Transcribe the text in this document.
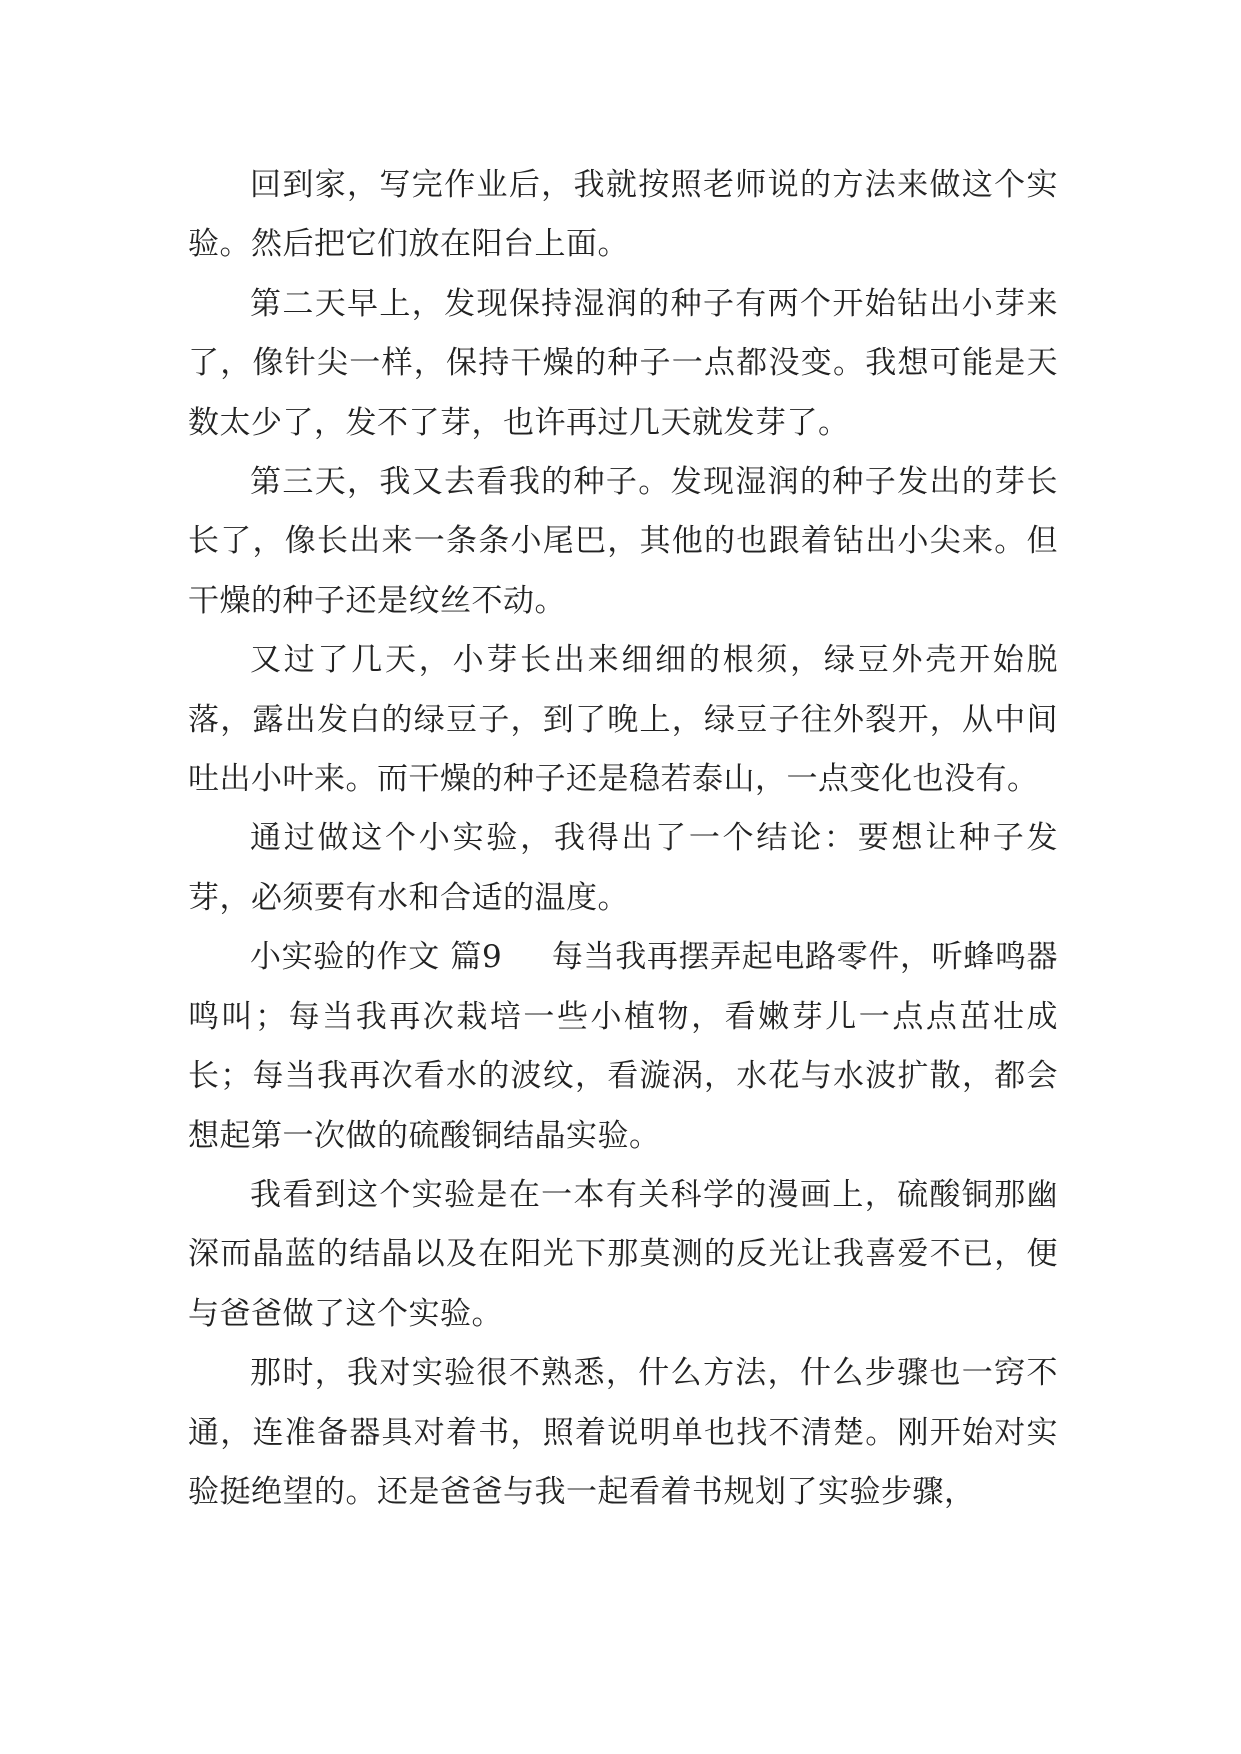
回到家，写完作业后，我就按照老师说的方法来做这个实验。然后把它们放在阳台上面。

第二天早上，发现保持湿润的种子有两个开始钻出小芽来了，像针尖一样，保持干燥的种子一点都没变。我想可能是天数太少了，发不了芽，也许再过几天就发芽了。

第三天，我又去看我的种子。发现湿润的种子发出的芽长长了，像长出来一条条小尾巴，其他的也跟着钻出小尖来。但干燥的种子还是纹丝不动。

又过了几天，小芽长出来细细的根须，绿豆外壳开始脱落，露出发白的绿豆子，到了晚上，绿豆子往外裂开，从中间吐出小叶来。而干燥的种子还是稳若泰山，一点变化也没有。

通过做这个小实验，我得出了一个结论：要想让种子发芽，必须要有水和合适的温度。

小实验的作文 篇9 每当我再摆弄起电路零件，听蜂鸣器鸣叫；每当我再次栽培一些小植物，看嫩芽儿一点点茁壮成长；每当我再次看水的波纹，看漩涡，水花与水波扩散，都会想起第一次做的硫酸铜结晶实验。

我看到这个实验是在一本有关科学的漫画上，硫酸铜那幽深而晶蓝的结晶以及在阳光下那莫测的反光让我喜爱不已，便与爸爸做了这个实验。

那时，我对实验很不熟悉，什么方法，什么步骤也一窍不通，连准备器具对着书，照着说明单也找不清楚。刚开始对实验挺绝望的。还是爸爸与我一起看着书规划了实验步骤，
